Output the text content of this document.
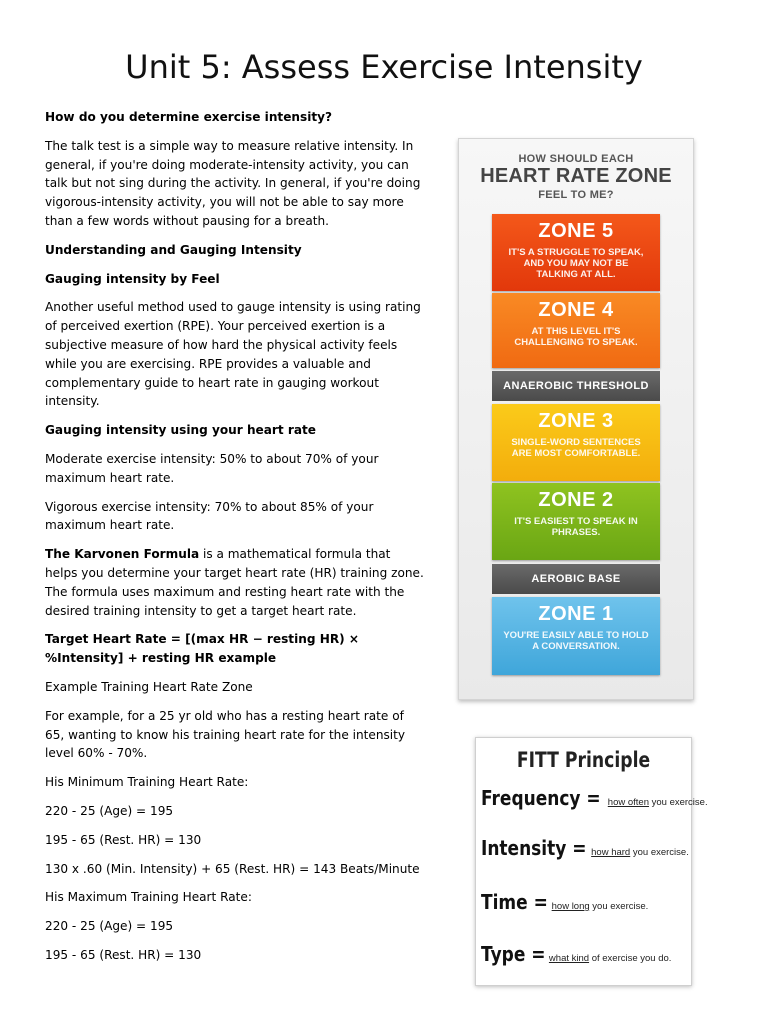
Unit 5: Assess Exercise Intensity

How do you determine exercise intensity?

The talk test is a simple way to measure relative intensity. In general, if you're doing moderate-intensity activity, you can talk but not sing during the activity. In general, if you're doing vigorous-intensity activity, you will not be able to say more than a few words without pausing for a breath.

Understanding and Gauging Intensity

Gauging intensity by Feel

Another useful method used to gauge intensity is using rating of perceived exertion (RPE). Your perceived exertion is a subjective measure of how hard the physical activity feels while you are exercising. RPE provides a valuable and complementary guide to heart rate in gauging workout intensity.

Gauging intensity using your heart rate

Moderate exercise intensity: 50% to about 70% of your maximum heart rate.

Vigorous exercise intensity: 70% to about 85% of your maximum heart rate.

The Karvonen Formula is a mathematical formula that helps you determine your target heart rate (HR) training zone. The formula uses maximum and resting heart rate with the desired training intensity to get a target heart rate.

Target Heart Rate = [(max HR − resting HR) × %Intensity] + resting HR example

Example Training Heart Rate Zone

For example, for a 25 yr old who has a resting heart rate of 65, wanting to know his training heart rate for the intensity level 60% - 70%.

His Minimum Training Heart Rate:

220 - 25 (Age) = 195

195 - 65 (Rest. HR) = 130

130 x .60 (Min. Intensity) + 65 (Rest. HR) = 143 Beats/Minute

His Maximum Training Heart Rate:

220 - 25 (Age) = 195

195 - 65 (Rest. HR) = 130

HOW SHOULD EACH
HEART RATE ZONE
FEEL TO ME?
ZONE 5
IT'S A STRUGGLE TO SPEAK, AND YOU MAY NOT BE TALKING AT ALL.
ZONE 4
AT THIS LEVEL IT'S CHALLENGING TO SPEAK.
ANAEROBIC THRESHOLD
ZONE 3
SINGLE-WORD SENTENCES ARE MOST COMFORTABLE.
ZONE 2
IT'S EASIEST TO SPEAK IN PHRASES.
AEROBIC BASE
ZONE 1
YOU'RE EASILY ABLE TO HOLD A CONVERSATION.
FITT Principle
Frequency = how often you exercise.
Intensity = how hard you exercise.
Time = how long you exercise.
Type = what kind of exercise you do.
